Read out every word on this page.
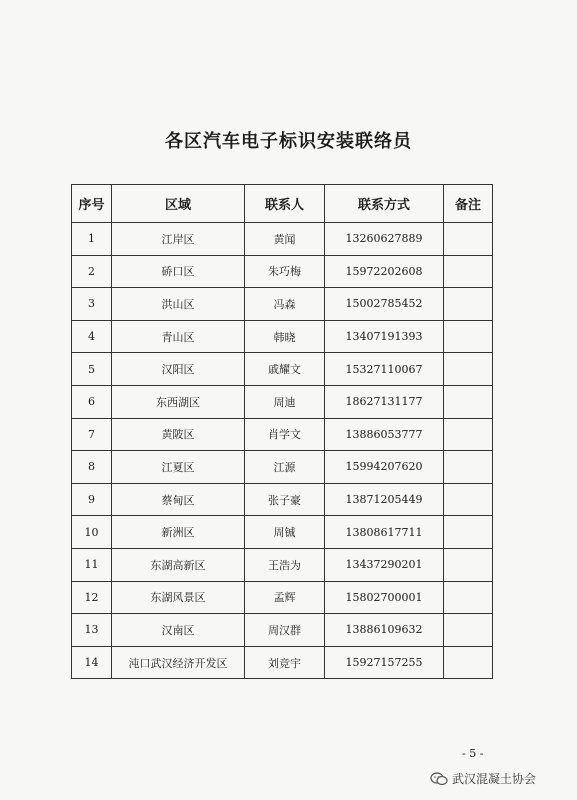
各区汽车电子标识安装联络员
序号	区域	联系人	联系方式	备注
1	江岸区	黄闻	13260627889	
2	硚口区	朱巧梅	15972202608	
3	洪山区	冯森	15002785452	
4	青山区	韩晓	13407191393	
5	汉阳区	戚耀文	15327110067	
6	东西湖区	周迪	18627131177	
7	黄陂区	肖学文	13886053777	
8	江夏区	江源	15994207620	
9	蔡甸区	张子豪	13871205449	
10	新洲区	周铖	13808617711	
11	东湖高新区	王浩为	13437290201	
12	东湖风景区	孟辉	15802700001	
13	汉南区	周汉群	13886109632	
14	沌口武汉经济开发区	刘竞宇	15927157255	
- 5 -
武汉混凝土协会
